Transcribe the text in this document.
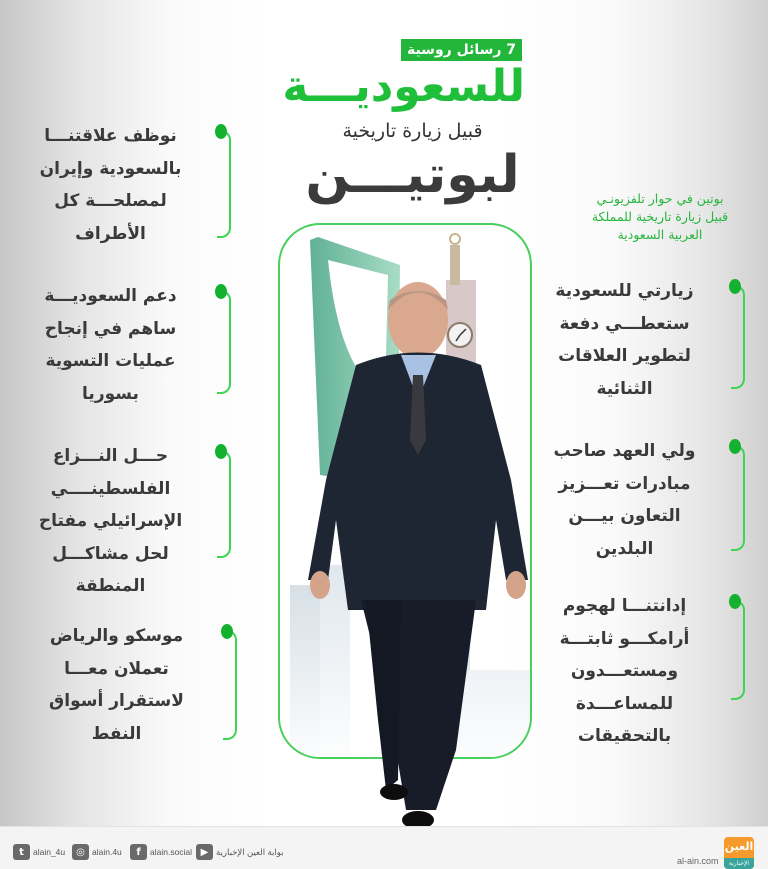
7 رسائل روسية
للسعوديـــة
قبيل زيارة تاريخية
لبوتيـــن	بوتين في حوار تلفزيونـي
قبيل زيارة تاريخية للمملكة
العربية السعودية
نوظف علاقتنـــا
بالسعودية وإيران
لمصلحـــة كل
الأطراف
دعم السعوديـــة
ساهم في إنجاح
عمليات التسوية
بسوريا
حـــل النـــزاع
الفلسطينــــي
الإسرائيلي مفتاح
لحل مشاكـــل
المنطقة
موسكو والرياض
تعملان معـــا
لاستقرار أسواق
النفط
زيارتي للسعودية
ستعطـــي دفعة
لتطوير العلاقات
الثنائية
ولي العهد صاحب
مبادرات تعـــزيز
التعاون بيـــن
البلدين
إدانتنـــا لهجوم
أرامكـــو ثابتـــة
ومستعـــدون
للمساعـــدة
بالتحقيقات
t	alain_4u	◎ alain.4u	f	alain.social ▶ بوابة العين الإخبارية
al-ain.com
العين
الإخبارية
